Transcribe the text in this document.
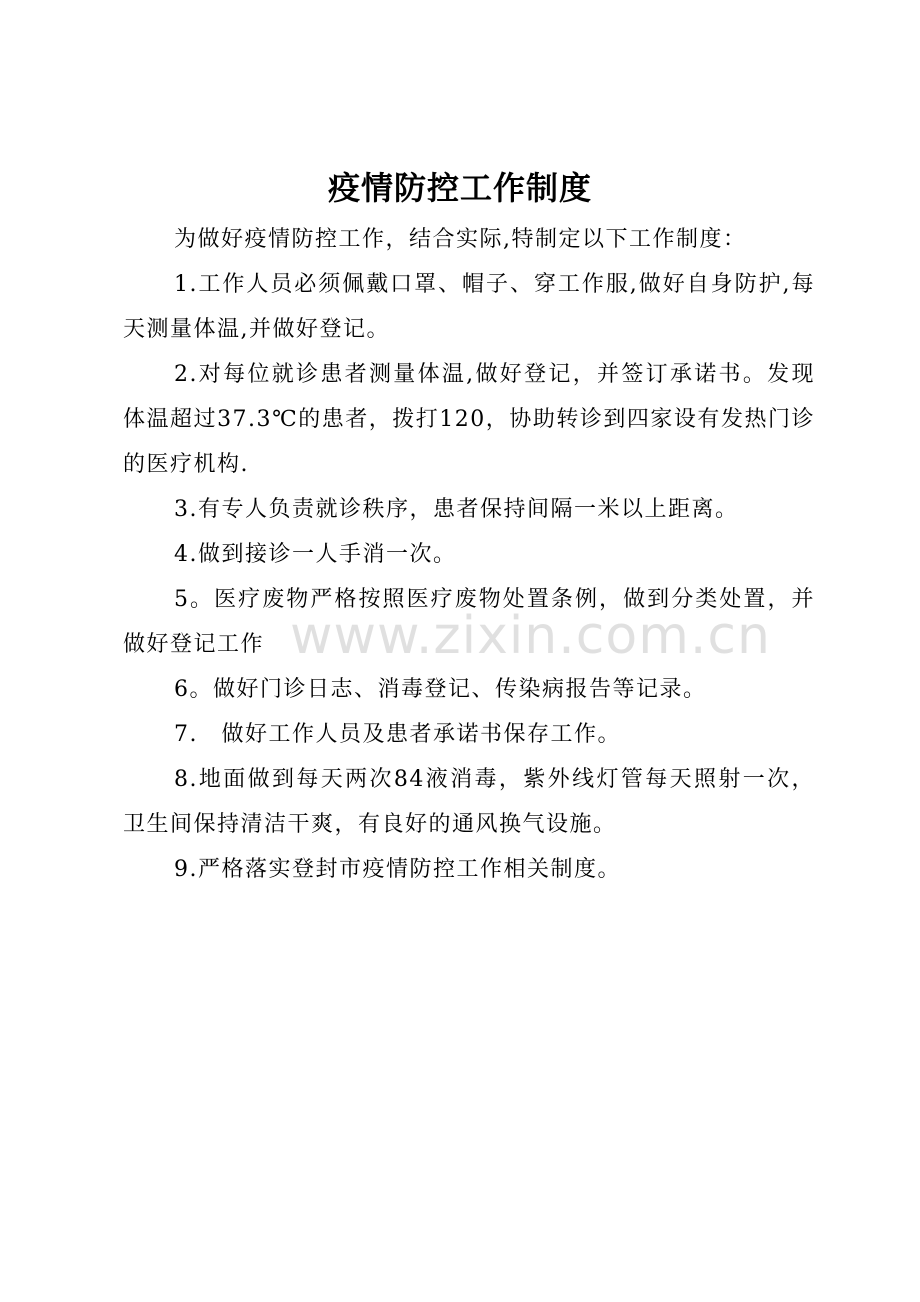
疫情防控工作制度

为做好疫情防控工作，结合实际,特制定以下工作制度：

1.工作人员必须佩戴口罩、帽子、穿工作服,做好自身防护,每天测量体温,并做好登记。

2.对每位就诊患者测量体温,做好登记，并签订承诺书。发现体温超过37.3℃的患者，拨打120，协助转诊到四家设有发热门诊的医疗机构.

3.有专人负责就诊秩序，患者保持间隔一米以上距离。

4.做到接诊一人手消一次。

5。医疗废物严格按照医疗废物处置条例，做到分类处置，并做好登记工作

6。做好门诊日志、消毒登记、传染病报告等记录。

7.　做好工作人员及患者承诺书保存工作。

8.地面做到每天两次84液消毒，紫外线灯管每天照射一次，卫生间保持清洁干爽，有良好的通风换气设施。

9.严格落实登封市疫情防控工作相关制度。

www.zixin.com.cn
